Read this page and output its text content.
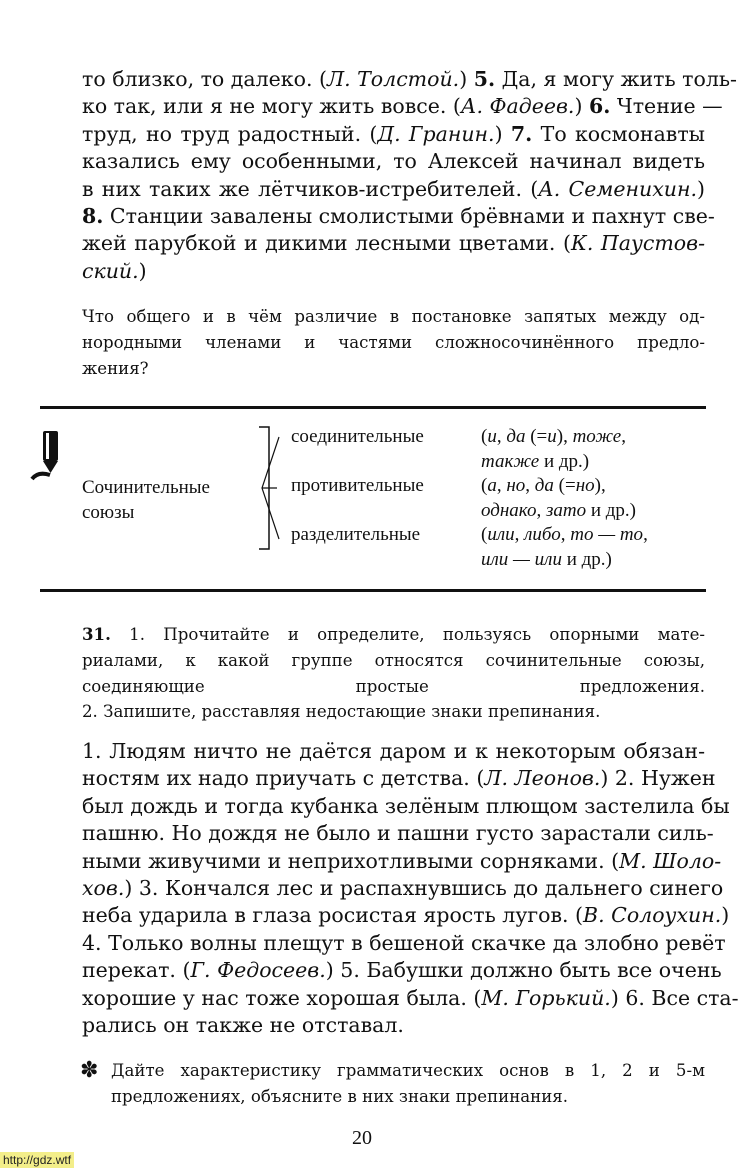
то близко, то далеко. (Л. Толстой.) 5. Да, я могу жить толь-
ко так, или я не могу жить вовсе. (А. Фадеев.) 6. Чтение —
труд, но труд радостный. (Д. Гранин.) 7. То космонавты
казались ему особенными, то Алексей начинал видеть
в них таких же лётчиков-истребителей. (А. Семенихин.)
8. Станции завалены смолистыми брёвнами и пахнут све-
жей парубкой и дикими лесными цветами. (К. Паустов-
ский.)
Что общего и в чём различие в постановке запятых между од-
нородными членами и частями сложносочинённого предло-
жения?
Сочинительные
союзы
соединительные
противительные
разделительные
(и, да (=и), тоже,
также и др.)
(а, но, да (=но),
однако, зато и др.)
(или, либо, то — то,
или — или и др.)
31. 1. Прочитайте и определите, пользуясь опорными мате-
риалами, к какой группе относятся сочинительные союзы,
соединяющие простые предложения.
2. Запишите, расставляя недостающие знаки препинания.
1. Людям ничто не даётся даром и к некоторым обязан-
ностям их надо приучать с детства. (Л. Леонов.) 2. Нужен
был дождь и тогда кубанка зелёным плющом застелила бы
пашню. Но дождя не было и пашни густо зарастали силь-
ными живучими и неприхотливыми сорняками. (М. Шоло-
хов.) 3. Кончался лес и распахнувшись до дальнего синего
неба ударила в глаза росистая ярость лугов. (В. Солоухин.)
4. Только волны плещут в бешеной скачке да злобно ревёт
перекат. (Г. Федосеев.) 5. Бабушки должно быть все очень
хорошие у нас тоже хорошая была. (М. Горький.) 6. Все ста-
рались он также не отставал.
✽ Дайте характеристику грамматических основ в 1, 2 и 5-м
предложениях, объясните в них знаки препинания.
20
http://gdz.wtf
